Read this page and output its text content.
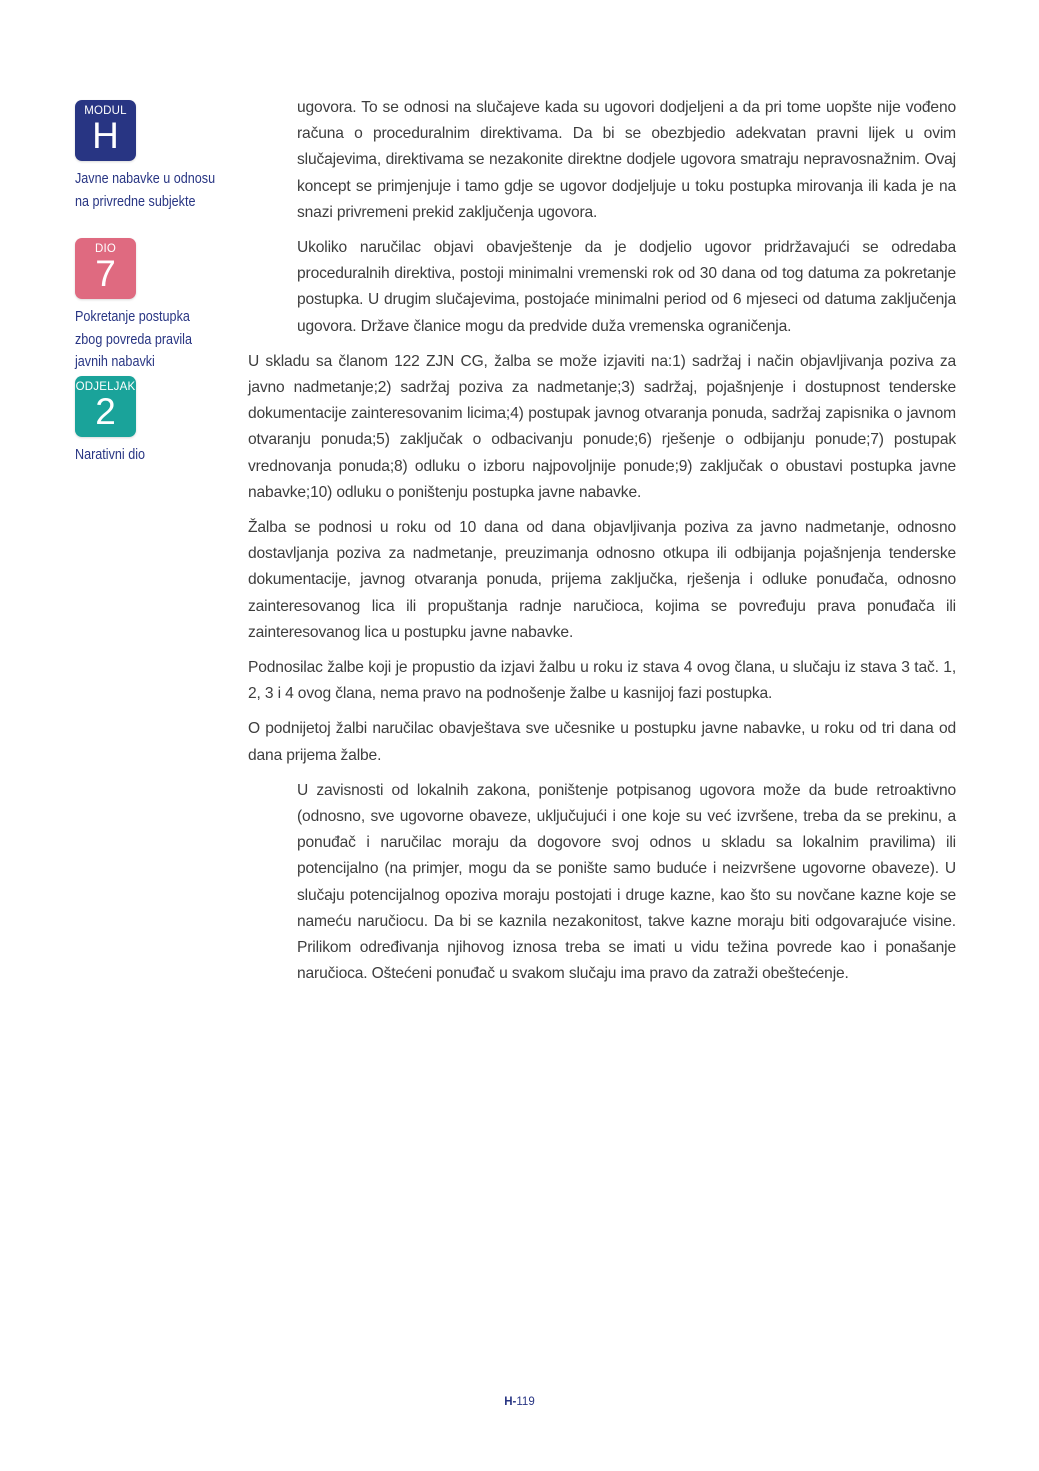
MODUL
H
Javne nabavke u odnosu
na privredne subjekte
DIO
7
Pokretanje postupka
zbog povreda pravila
javnih nabavki
ODJELJAK
2
Narativni dio

ugovora. To se odnosi na slučajeve kada su ugovori dodjeljeni a da pri tome uopšte nije vođeno računa o proceduralnim direktivama. Da bi se obezbjedio adekvatan pravni lijek u ovim slučajevima, direktivama se nezakonite direktne dodjele ugovora smatraju nepravosnažnim. Ovaj koncept se primjenjuje i tamo gdje se ugovor dodjeljuje u toku postupka mirovanja ili kada je na snazi privremeni prekid zaključenja ugovora.

Ukoliko naručilac objavi obavještenje da je dodjelio ugovor pridržavajući se odredaba proceduralnih direktiva, postoji minimalni vremenski rok od 30 dana od tog datuma za pokretanje postupka. U drugim slučajevima, postojaće minimalni period od 6 mjeseci od datuma zaključenja ugovora. Države članice mogu da predvide duža vremenska ograničenja.

U skladu sa članom 122 ZJN CG, žalba se može izjaviti na:1) sadržaj i način objavljivanja poziva za javno nadmetanje;2) sadržaj poziva za nadmetanje;3) sadržaj, pojašnjenje i dostupnost tenderske dokumentacije zainteresovanim licima;4) postupak javnog otvaranja ponuda, sadržaj zapisnika o javnom otvaranju ponuda;5) zaključak o odbacivanju ponude;6) rješenje o odbijanju ponude;7) postupak vrednovanja ponuda;8) odluku o izboru najpovoljnije ponude;9) zaključak o obustavi postupka javne nabavke;10) odluku o poništenju postupka javne nabavke.

Žalba se podnosi u roku od 10 dana od dana objavljivanja poziva za javno nadmetanje, odnosno dostavljanja poziva za nadmetanje, preuzimanja odnosno otkupa ili odbijanja pojašnjenja tenderske dokumentacije, javnog otvaranja ponuda, prijema zaključka, rješenja i odluke ponuđača, odnosno zainteresovanog lica ili propuštanja radnje naručioca, kojima se povređuju prava ponuđača ili zainteresovanog lica u postupku javne nabavke.

Podnosilac žalbe koji je propustio da izjavi žalbu u roku iz stava 4 ovog člana, u slučaju iz stava 3 tač. 1, 2, 3 i 4 ovog člana, nema pravo na podnošenje žalbe u kasnijoj fazi postupka.

O podnijetoj žalbi naručilac obavještava sve učesnike u postupku javne nabavke, u roku od tri dana od dana prijema žalbe.

U zavisnosti od lokalnih zakona, poništenje potpisanog ugovora može da bude retroaktivno (odnosno, sve ugovorne obaveze, uključujući i one koje su već izvršene, treba da se prekinu, a ponuđač i naručilac moraju da dogovore svoj odnos u skladu sa lokalnim pravilima) ili potencijalno (na primjer, mogu da se ponište samo buduće i neizvršene ugovorne obaveze). U slučaju potencijalnog opoziva moraju postojati i druge kazne, kao što su novčane kazne koje se nameću naručiocu. Da bi se kaznila nezakonitost, takve kazne moraju biti odgovarajuće visine. Prilikom određivanja njihovog iznosa treba se imati u vidu težina povrede kao i ponašanje naručioca. Oštećeni ponuđač u svakom slučaju ima pravo da zatraži obeštećenje.

H-119
